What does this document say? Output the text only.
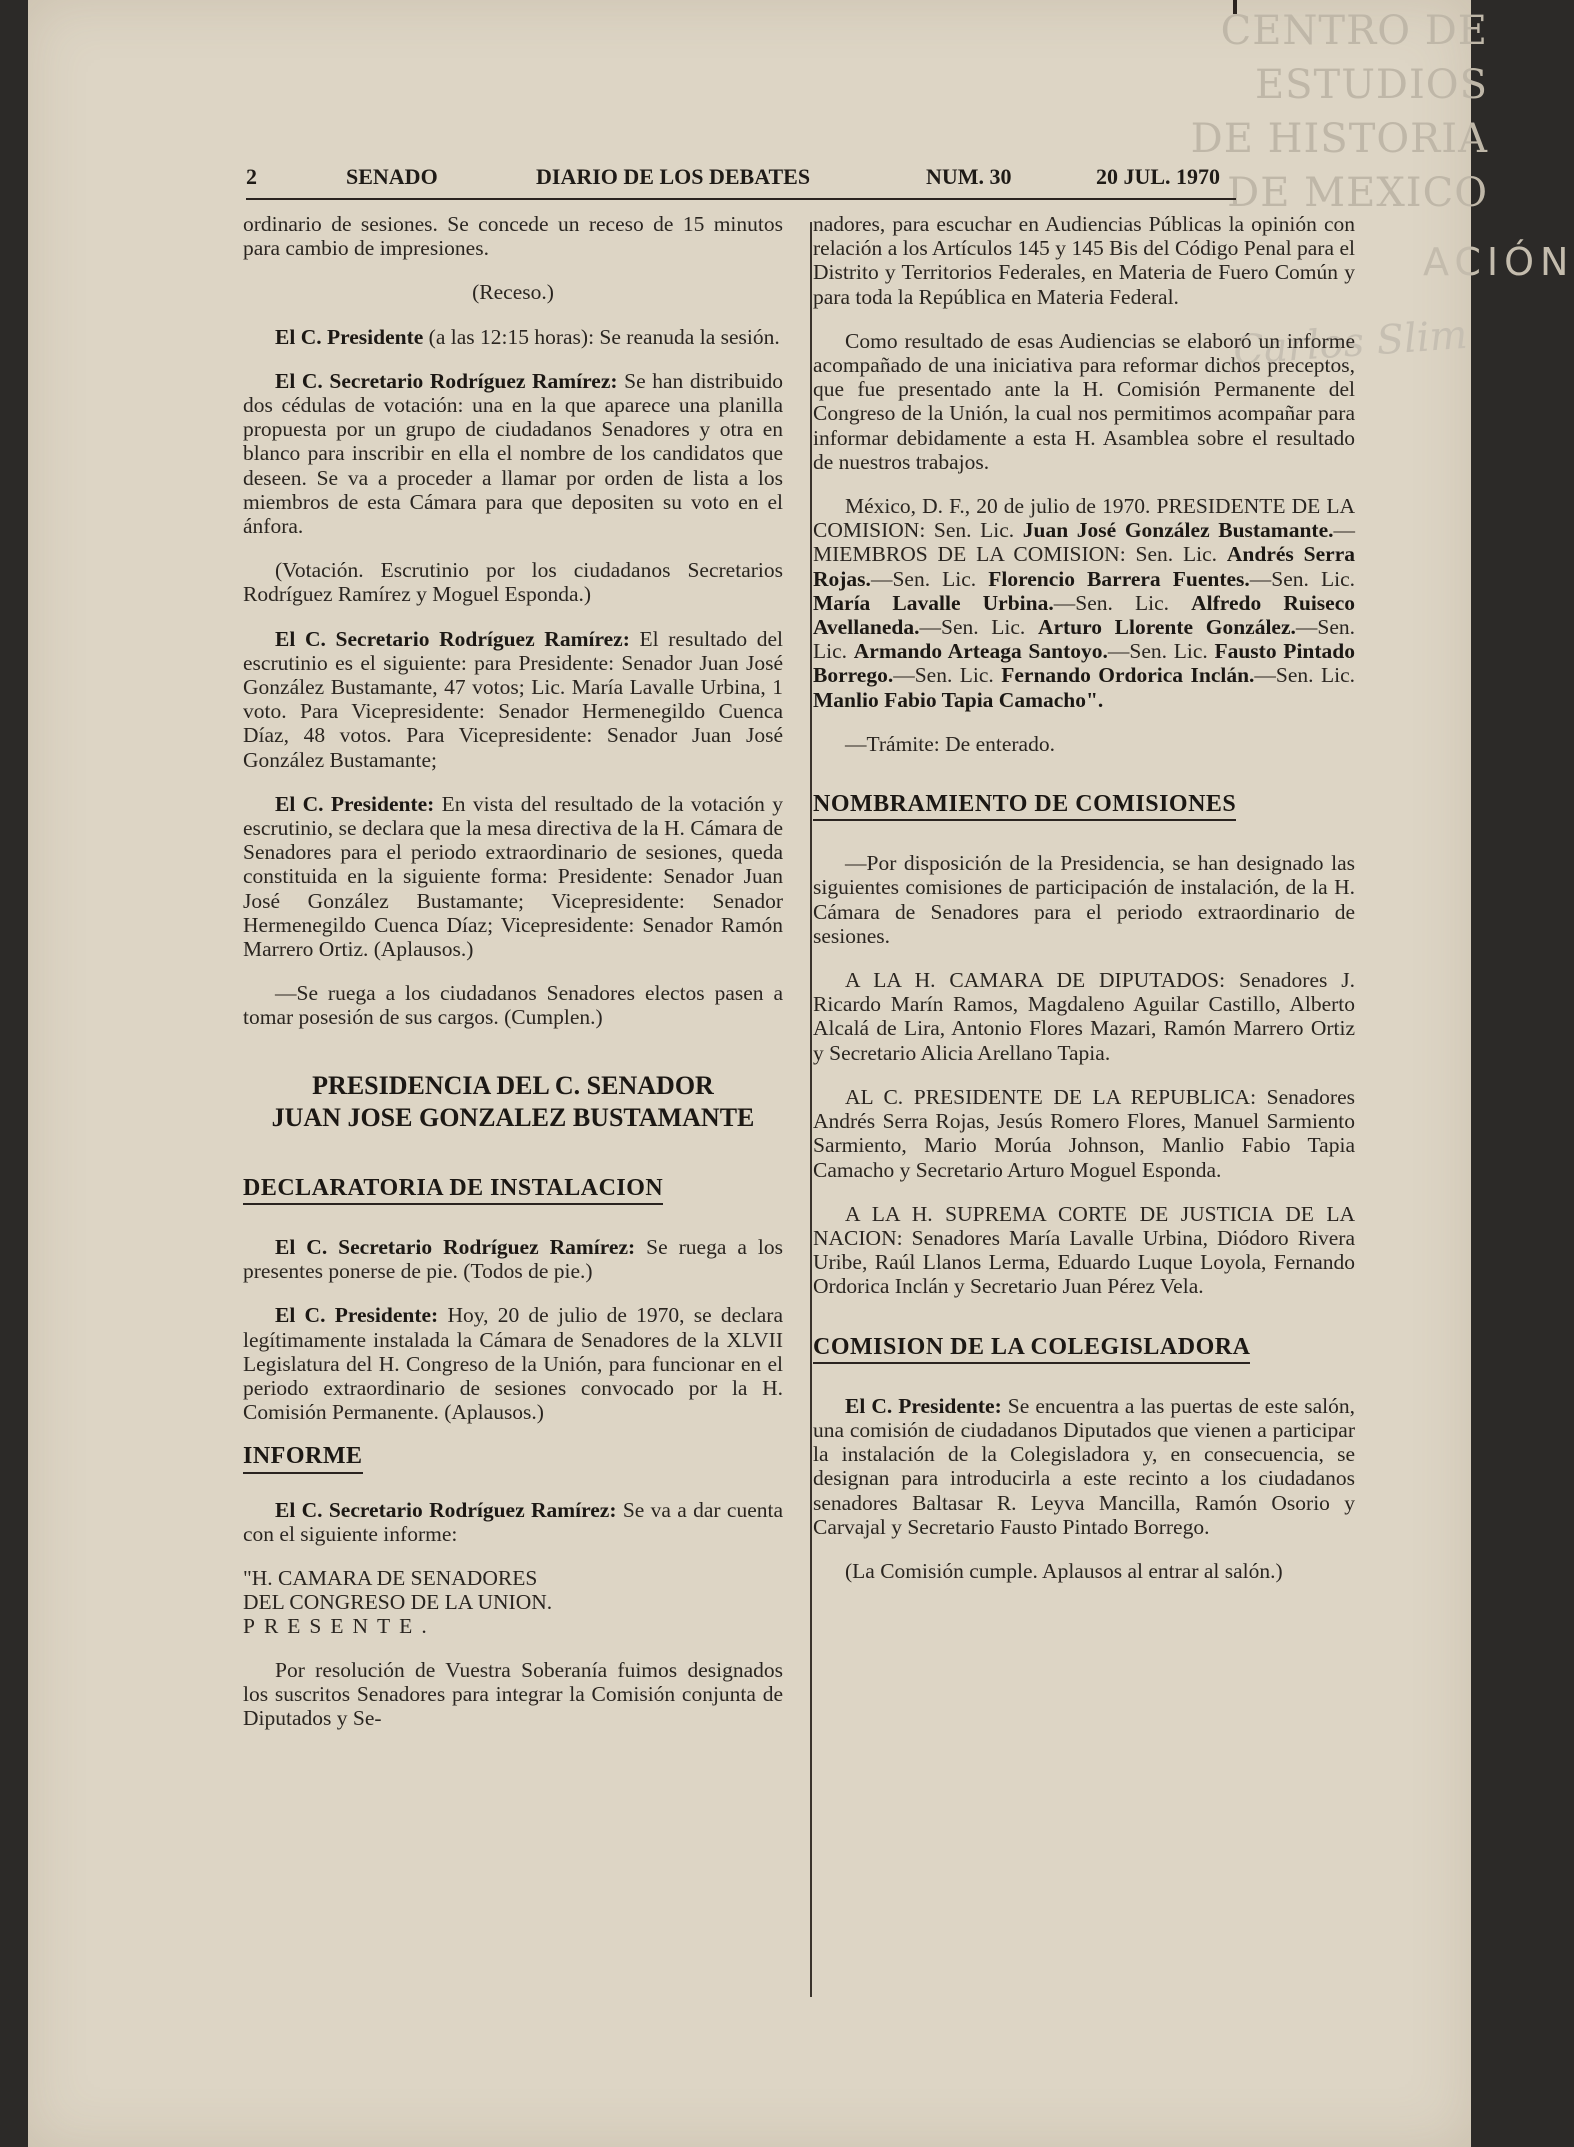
CENTRO DE
ESTUDIOS
DE HISTORIA
DE MEXICO
ACIÓN
Carlos Slim
2	SENADO	DIARIO DE LOS DEBATES	NUM. 30	20 JUL. 1970

ordinario de sesiones. Se concede un receso de 15 minutos para cambio de impresiones.

(Receso.)

El C. Presidente (a las 12:15 horas): Se reanuda la sesión.

El C. Secretario Rodríguez Ramírez: Se han distribuido dos cédulas de votación: una en la que aparece una planilla propuesta por un grupo de ciudadanos Senadores y otra en blanco para inscribir en ella el nombre de los candidatos que deseen. Se va a proceder a llamar por orden de lista a los miembros de esta Cámara para que depositen su voto en el ánfora.

(Votación. Escrutinio por los ciudadanos Secretarios Rodríguez Ramírez y Moguel Esponda.)

El C. Secretario Rodríguez Ramírez: El resultado del escrutinio es el siguiente: para Presidente: Senador Juan José González Bustamante, 47 votos; Lic. María Lavalle Urbina, 1 voto. Para Vicepresidente: Senador Hermenegildo Cuenca Díaz, 48 votos. Para Vicepresidente: Senador Juan José González Bustamante;

El C. Presidente: En vista del resultado de la votación y escrutinio, se declara que la mesa directiva de la H. Cámara de Senadores para el periodo extraordinario de sesiones, queda constituida en la siguiente forma: Presidente: Senador Juan José González Bustamante; Vicepresidente: Senador Hermenegildo Cuenca Díaz; Vicepresidente: Senador Ramón Marrero Ortiz. (Aplausos.)

—Se ruega a los ciudadanos Senadores electos pasen a tomar posesión de sus cargos. (Cumplen.)

PRESIDENCIA DEL C. SENADOR
JUAN JOSE GONZALEZ BUSTAMANTE
DECLARATORIA DE INSTALACION

El C. Secretario Rodríguez Ramírez: Se ruega a los presentes ponerse de pie. (Todos de pie.)

El C. Presidente: Hoy, 20 de julio de 1970, se declara legítimamente instalada la Cámara de Senadores de la XLVII Legislatura del H. Congreso de la Unión, para funcionar en el periodo extraordinario de sesiones convocado por la H. Comisión Permanente. (Aplausos.)

INFORME

El C. Secretario Rodríguez Ramírez: Se va a dar cuenta con el siguiente informe:

"H. CAMARA DE SENADORES
DEL CONGRESO DE LA UNION.
PRESENTE.

Por resolución de Vuestra Soberanía fuimos designados los suscritos Senadores para integrar la Comisión conjunta de Diputados y Se-

nadores, para escuchar en Audiencias Públicas la opinión con relación a los Artículos 145 y 145 Bis del Código Penal para el Distrito y Territorios Federales, en Materia de Fuero Común y para toda la República en Materia Federal.

Como resultado de esas Audiencias se elaboró un informe acompañado de una iniciativa para reformar dichos preceptos, que fue presentado ante la H. Comisión Permanente del Congreso de la Unión, la cual nos permitimos acompañar para informar debidamente a esta H. Asamblea sobre el resultado de nuestros trabajos.

México, D. F., 20 de julio de 1970. PRESIDENTE DE LA COMISION: Sen. Lic. Juan José González Bustamante.—MIEMBROS DE LA COMISION: Sen. Lic. Andrés Serra Rojas.—Sen. Lic. Florencio Barrera Fuentes.—Sen. Lic. María Lavalle Urbina.—Sen. Lic. Alfredo Ruiseco Avellaneda.—Sen. Lic. Arturo Llorente González.—Sen. Lic. Armando Arteaga Santoyo.—Sen. Lic. Fausto Pintado Borrego.—Sen. Lic. Fernando Ordorica Inclán.—Sen. Lic. Manlio Fabio Tapia Camacho".

—Trámite: De enterado.

NOMBRAMIENTO DE COMISIONES

—Por disposición de la Presidencia, se han designado las siguientes comisiones de participación de instalación, de la H. Cámara de Senadores para el periodo extraordinario de sesiones.

A LA H. CAMARA DE DIPUTADOS: Senadores J. Ricardo Marín Ramos, Magdaleno Aguilar Castillo, Alberto Alcalá de Lira, Antonio Flores Mazari, Ramón Marrero Ortiz y Secretario Alicia Arellano Tapia.

AL C. PRESIDENTE DE LA REPUBLICA: Senadores Andrés Serra Rojas, Jesús Romero Flores, Manuel Sarmiento Sarmiento, Mario Morúa Johnson, Manlio Fabio Tapia Camacho y Secretario Arturo Moguel Esponda.

A LA H. SUPREMA CORTE DE JUSTICIA DE LA NACION: Senadores María Lavalle Urbina, Diódoro Rivera Uribe, Raúl Llanos Lerma, Eduardo Luque Loyola, Fernando Ordorica Inclán y Secretario Juan Pérez Vela.

COMISION DE LA COLEGISLADORA

El C. Presidente: Se encuentra a las puertas de este salón, una comisión de ciudadanos Diputados que vienen a participar la instalación de la Colegisladora y, en consecuencia, se designan para introducirla a este recinto a los ciudadanos senadores Baltasar R. Leyva Mancilla, Ramón Osorio y Carvajal y Secretario Fausto Pintado Borrego.

(La Comisión cumple. Aplausos al entrar al salón.)
